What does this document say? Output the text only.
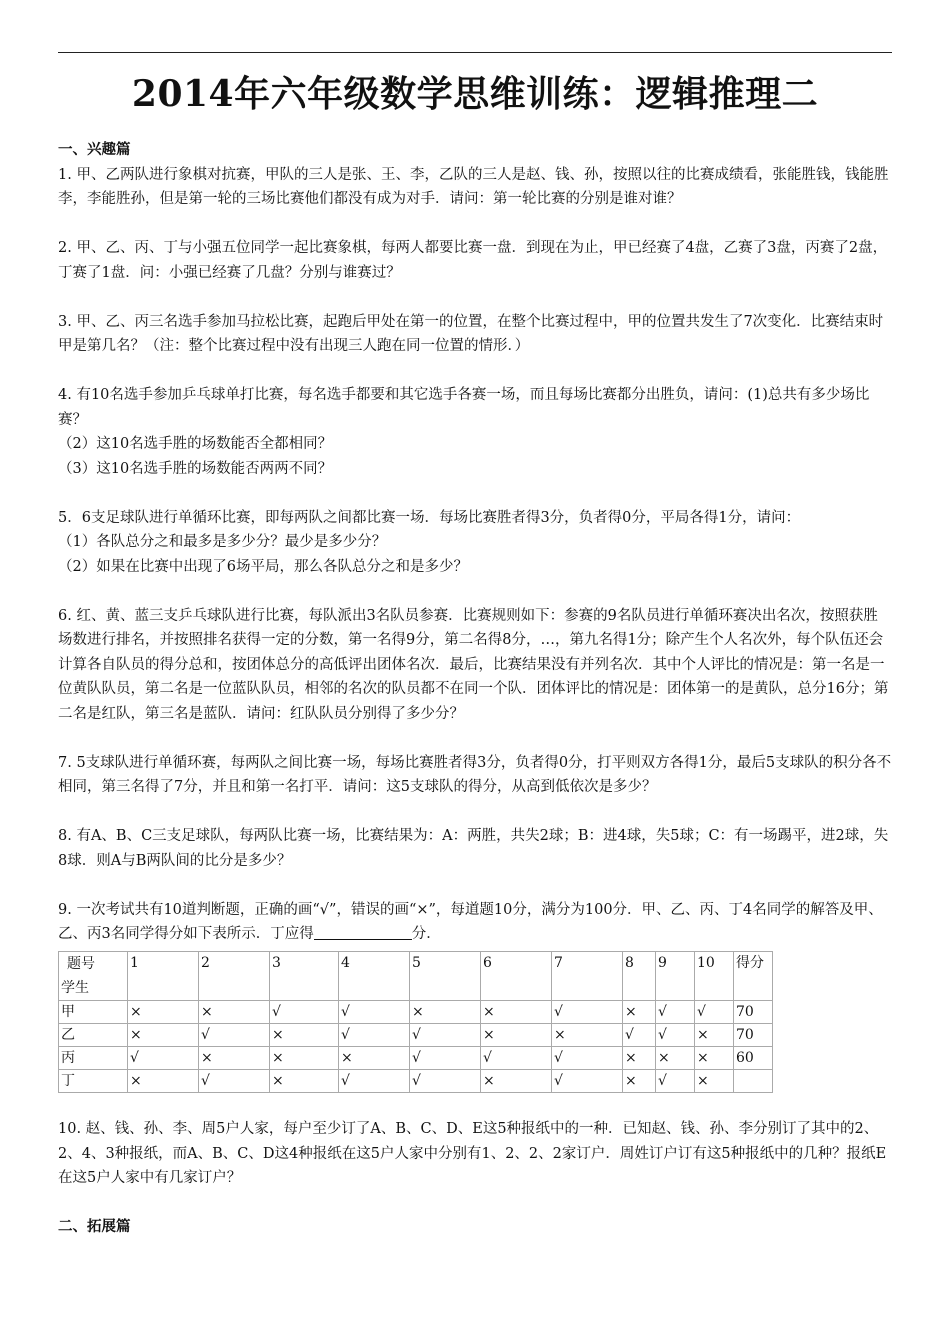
2014年六年级数学思维训练：逻辑推理二
一、兴趣篇

1. 甲、乙两队进行象棋对抗赛，甲队的三人是张、王、李，乙队的三人是赵、钱、孙，按照以往的比赛成绩看，张能胜钱，钱能胜李，李能胜孙，但是第一轮的三场比赛他们都没有成为对手．请问：第一轮比赛的分别是谁对谁？

2. 甲、乙、丙、丁与小强五位同学一起比赛象棋，每两人都要比赛一盘．到现在为止，甲已经赛了4盘，乙赛了3盘，丙赛了2盘，丁赛了1盘．问：小强已经赛了几盘？分别与谁赛过？

3. 甲、乙、丙三名选手参加马拉松比赛，起跑后甲处在第一的位置，在整个比赛过程中，甲的位置共发生了7次变化．比赛结束时甲是第几名？（注：整个比赛过程中没有出现三人跑在同一位置的情形．）

4. 有10名选手参加乒乓球单打比赛，每名选手都要和其它选手各赛一场，而且每场比赛都分出胜负，请问：(1)总共有多少场比赛？

（2）这10名选手胜的场数能否全都相同？

（3）这10名选手胜的场数能否两两不同？

5．6支足球队进行单循环比赛，即每两队之间都比赛一场．每场比赛胜者得3分，负者得0分，平局各得1分，请问：

（1）各队总分之和最多是多少分？最少是多少分？

（2）如果在比赛中出现了6场平局，那么各队总分之和是多少？

6. 红、黄、蓝三支乒乓球队进行比赛，每队派出3名队员参赛．比赛规则如下：参赛的9名队员进行单循环赛决出名次，按照获胜场数进行排名，并按照排名获得一定的分数，第一名得9分，第二名得8分，…，第九名得1分；除产生个人名次外，每个队伍还会计算各自队员的得分总和，按团体总分的高低评出团体名次．最后，比赛结果没有并列名次．其中个人评比的情况是：第一名是一位黄队队员，第二名是一位蓝队队员，相邻的名次的队员都不在同一个队．团体评比的情况是：团体第一的是黄队，总分16分；第二名是红队，第三名是蓝队．请问：红队队员分别得了多少分？

7. 5支球队进行单循环赛，每两队之间比赛一场，每场比赛胜者得3分，负者得0分，打平则双方各得1分，最后5支球队的积分各不相同，第三名得了7分，并且和第一名打平．请问：这5支球队的得分，从高到低依次是多少？

8. 有A、B、C三支足球队，每两队比赛一场，比赛结果为：A：两胜，共失2球；B：进4球，失5球；C：有一场踢平，进2球，失8球．则A与B两队间的比分是多少？

9. 一次考试共有10道判断题，正确的画“√”，错误的画“×”，每道题10分，满分为100分．甲、乙、丙、丁4名同学的解答及甲、乙、丙3名同学得分如下表所示．丁应得	分．

题号
学生	1	2	3	4	5	6	7	8	9	10	得分
甲	×	×	√	√	×	×	√	×	√	√	70
乙	×	√	×	√	√	×	×	√	√	×	70
丙	√	×	×	×	√	√	√	×	×	×	60
丁	×	√	×	√	√	×	√	×	√	×	

10. 赵、钱、孙、李、周5户人家，每户至少订了A、B、C、D、E这5种报纸中的一种．已知赵、钱、孙、李分别订了其中的2、2、4、3种报纸，而A、B、C、D这4种报纸在这5户人家中分别有1、2、2、2家订户．周姓订户订有这5种报纸中的几种？报纸E在这5户人家中有几家订户？

二、拓展篇
